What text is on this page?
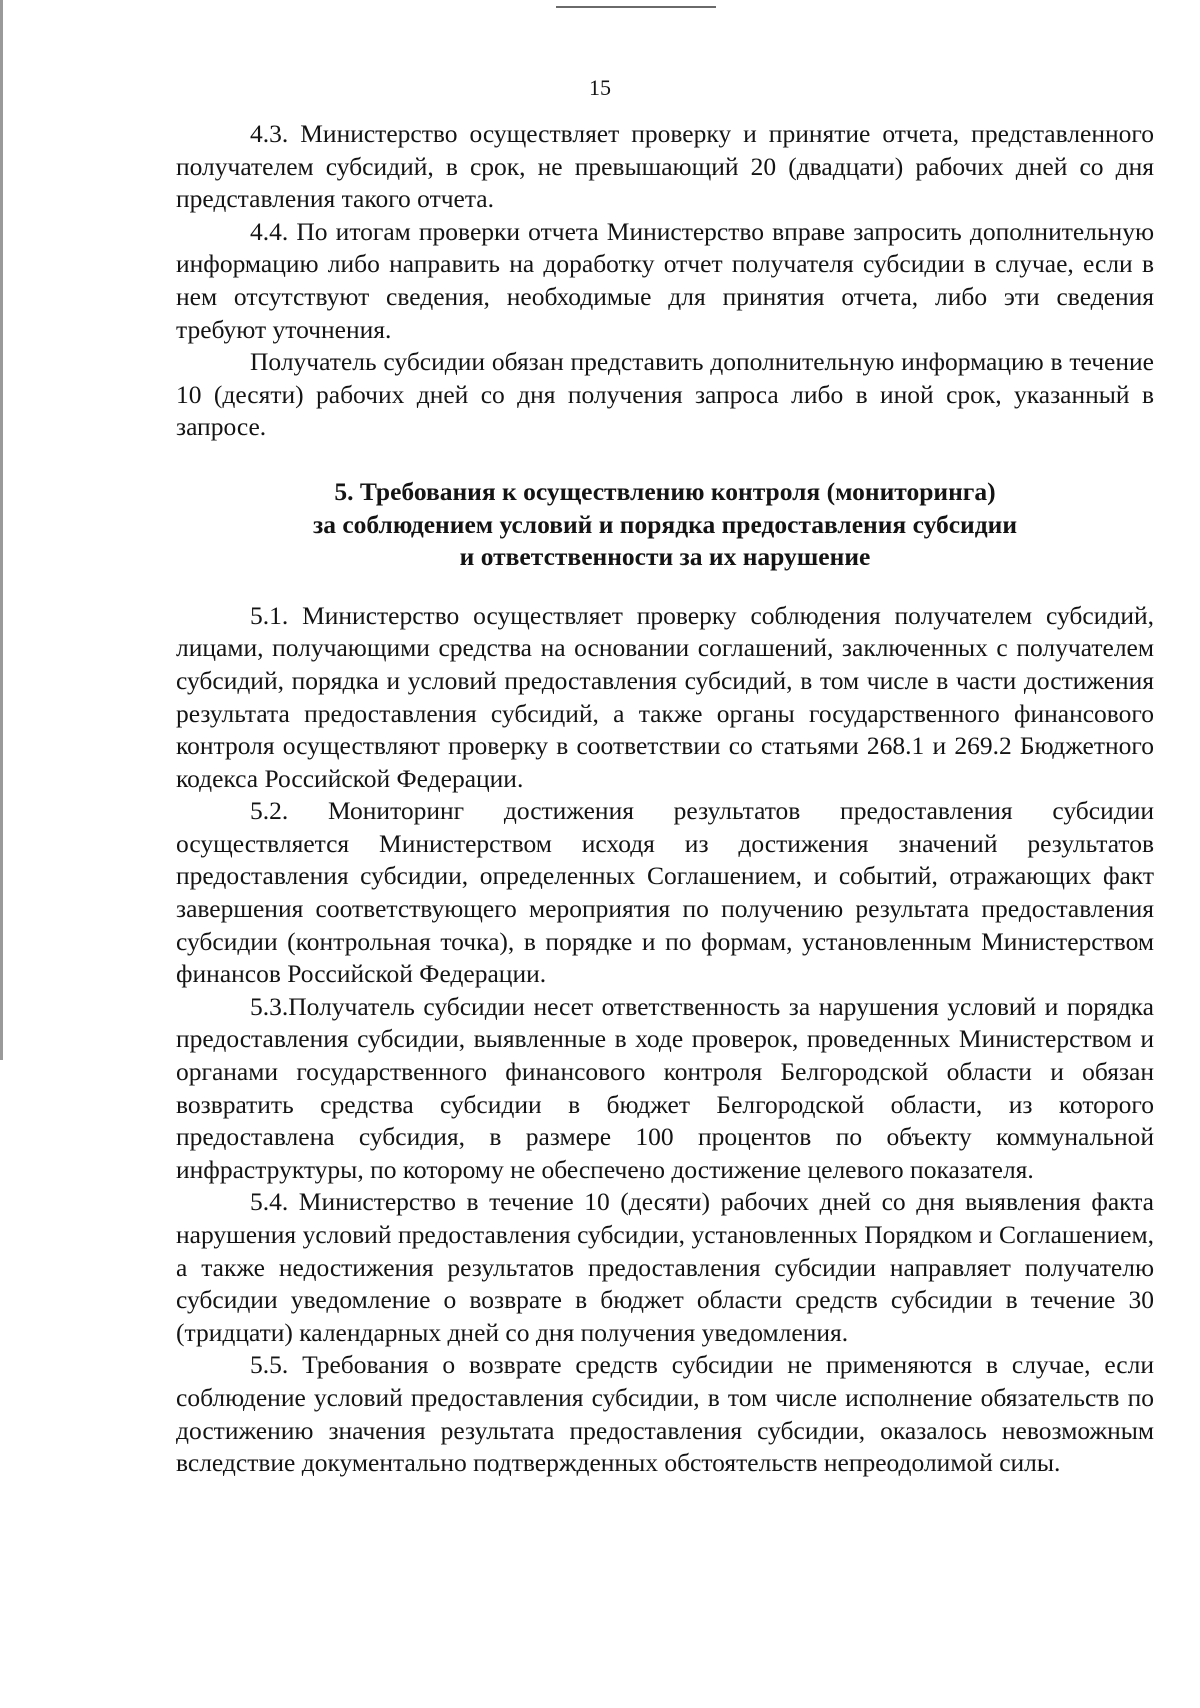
15

4.3. Министерство осуществляет проверку и принятие отчета, представленного получателем субсидий, в срок, не превышающий 20 (двадцати) рабочих дней со дня представления такого отчета.

4.4. По итогам проверки отчета Министерство вправе запросить дополнительную информацию либо направить на доработку отчет получателя субсидии в случае, если в нем отсутствуют сведения, необходимые для принятия отчета, либо эти сведения требуют уточнения.

Получатель субсидии обязан представить дополнительную информацию в течение 10 (десяти) рабочих дней со дня получения запроса либо в иной срок, указанный в запросе.

5. Требования к осуществлению контроля (мониторинга)
за соблюдением условий и порядка предоставления субсидии
и ответственности за их нарушение

5.1. Министерство осуществляет проверку соблюдения получателем субсидий, лицами, получающими средства на основании соглашений, заключенных с получателем субсидий, порядка и условий предоставления субсидий, в том числе в части достижения результата предоставления субсидий, а также органы государственного финансового контроля осуществляют проверку в соответствии со статьями 268.1 и 269.2 Бюджетного кодекса Российской Федерации.

5.2. Мониторинг достижения результатов предоставления субсидии осуществляется Министерством исходя из достижения значений результатов предоставления субсидии, определенных Соглашением, и событий, отражающих факт завершения соответствующего мероприятия по получению результата предоставления субсидии (контрольная точка), в порядке и по формам, установленным Министерством финансов Российской Федерации.

5.3.Получатель субсидии несет ответственность за нарушения условий и порядка предоставления субсидии, выявленные в ходе проверок, проведенных Министерством и органами государственного финансового контроля Белгородской области и обязан возвратить средства субсидии в бюджет Белгородской области, из которого предоставлена субсидия, в размере 100 процентов по объекту коммунальной инфраструктуры, по которому не обеспечено достижение целевого показателя.

5.4. Министерство в течение 10 (десяти) рабочих дней со дня выявления факта нарушения условий предоставления субсидии, установленных Порядком и Соглашением, а также недостижения результатов предоставления субсидии направляет получателю субсидии уведомление о возврате в бюджет области средств субсидии в течение 30 (тридцати) календарных дней со дня получения уведомления.

5.5. Требования о возврате средств субсидии не применяются в случае, если соблюдение условий предоставления субсидии, в том числе исполнение обязательств по достижению значения результата предоставления субсидии, оказалось невозможным вследствие документально подтвержденных обстоятельств непреодолимой силы.
